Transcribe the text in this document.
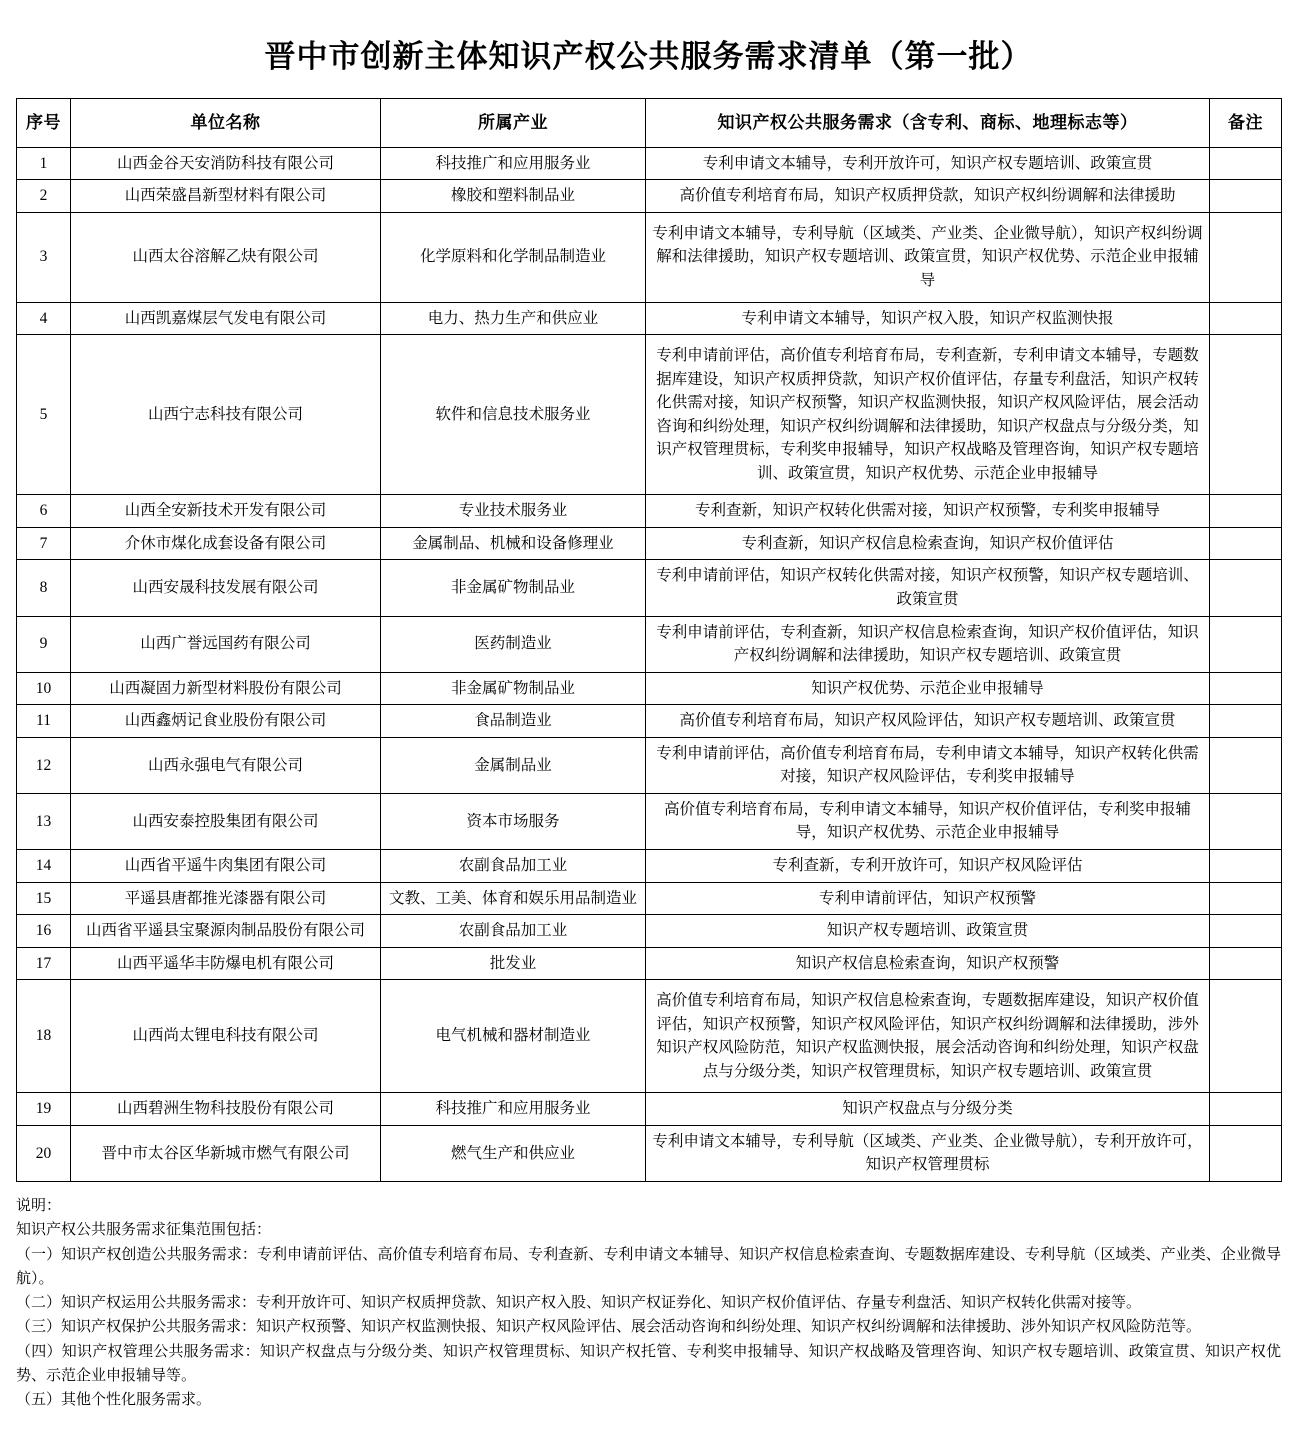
晋中市创新主体知识产权公共服务需求清单（第一批）
序号	单位名称	所属产业	知识产权公共服务需求（含专利、商标、地理标志等）	备注
1	山西金谷天安消防科技有限公司	科技推广和应用服务业	专利申请文本辅导，专利开放许可，知识产权专题培训、政策宣贯	
2	山西荣盛昌新型材料有限公司	橡胶和塑料制品业	高价值专利培育布局，知识产权质押贷款，知识产权纠纷调解和法律援助	
3	山西太谷溶解乙炔有限公司	化学原料和化学制品制造业	专利申请文本辅导，专利导航（区域类、产业类、企业微导航），知识产权纠纷调解和法律援助，知识产权专题培训、政策宣贯，知识产权优势、示范企业申报辅导	
4	山西凯嘉煤层气发电有限公司	电力、热力生产和供应业	专利申请文本辅导，知识产权入股，知识产权监测快报	
5	山西宁志科技有限公司	软件和信息技术服务业	专利申请前评估，高价值专利培育布局，专利查新，专利申请文本辅导，专题数据库建设，知识产权质押贷款，知识产权价值评估，存量专利盘活，知识产权转化供需对接，知识产权预警，知识产权监测快报，知识产权风险评估，展会活动咨询和纠纷处理，知识产权纠纷调解和法律援助，知识产权盘点与分级分类，知识产权管理贯标，专利奖申报辅导，知识产权战略及管理咨询，知识产权专题培训、政策宣贯，知识产权优势、示范企业申报辅导	
6	山西全安新技术开发有限公司	专业技术服务业	专利查新，知识产权转化供需对接，知识产权预警，专利奖申报辅导	
7	介休市煤化成套设备有限公司	金属制品、机械和设备修理业	专利查新，知识产权信息检索查询，知识产权价值评估	
8	山西安晟科技发展有限公司	非金属矿物制品业	专利申请前评估，知识产权转化供需对接，知识产权预警，知识产权专题培训、政策宣贯	
9	山西广誉远国药有限公司	医药制造业	专利申请前评估，专利查新，知识产权信息检索查询，知识产权价值评估，知识产权纠纷调解和法律援助，知识产权专题培训、政策宣贯	
10	山西凝固力新型材料股份有限公司	非金属矿物制品业	知识产权优势、示范企业申报辅导	
11	山西鑫炳记食业股份有限公司	食品制造业	高价值专利培育布局，知识产权风险评估，知识产权专题培训、政策宣贯	
12	山西永强电气有限公司	金属制品业	专利申请前评估，高价值专利培育布局，专利申请文本辅导，知识产权转化供需对接，知识产权风险评估，专利奖申报辅导	
13	山西安泰控股集团有限公司	资本市场服务	高价值专利培育布局，专利申请文本辅导，知识产权价值评估，专利奖申报辅导，知识产权优势、示范企业申报辅导	
14	山西省平遥牛肉集团有限公司	农副食品加工业	专利查新，专利开放许可，知识产权风险评估	
15	平遥县唐都推光漆器有限公司	文教、工美、体育和娱乐用品制造业	专利申请前评估，知识产权预警	
16	山西省平遥县宝聚源肉制品股份有限公司	农副食品加工业	知识产权专题培训、政策宣贯	
17	山西平遥华丰防爆电机有限公司	批发业	知识产权信息检索查询，知识产权预警	
18	山西尚太锂电科技有限公司	电气机械和器材制造业	高价值专利培育布局，知识产权信息检索查询，专题数据库建设，知识产权价值评估，知识产权预警，知识产权风险评估，知识产权纠纷调解和法律援助，涉外知识产权风险防范，知识产权监测快报，展会活动咨询和纠纷处理，知识产权盘点与分级分类，知识产权管理贯标，知识产权专题培训、政策宣贯	
19	山西碧洲生物科技股份有限公司	科技推广和应用服务业	知识产权盘点与分级分类	
20	晋中市太谷区华新城市燃气有限公司	燃气生产和供应业	专利申请文本辅导，专利导航（区域类、产业类、企业微导航），专利开放许可，知识产权管理贯标	
说明：
知识产权公共服务需求征集范围包括：
（一）知识产权创造公共服务需求：专利申请前评估、高价值专利培育布局、专利查新、专利申请文本辅导、知识产权信息检索查询、专题数据库建设、专利导航（区域类、产业类、企业微导航）。
（二）知识产权运用公共服务需求：专利开放许可、知识产权质押贷款、知识产权入股、知识产权证券化、知识产权价值评估、存量专利盘活、知识产权转化供需对接等。
（三）知识产权保护公共服务需求：知识产权预警、知识产权监测快报、知识产权风险评估、展会活动咨询和纠纷处理、知识产权纠纷调解和法律援助、涉外知识产权风险防范等。
（四）知识产权管理公共服务需求：知识产权盘点与分级分类、知识产权管理贯标、知识产权托管、专利奖申报辅导、知识产权战略及管理咨询、知识产权专题培训、政策宣贯、知识产权优势、示范企业申报辅导等。
（五）其他个性化服务需求。
